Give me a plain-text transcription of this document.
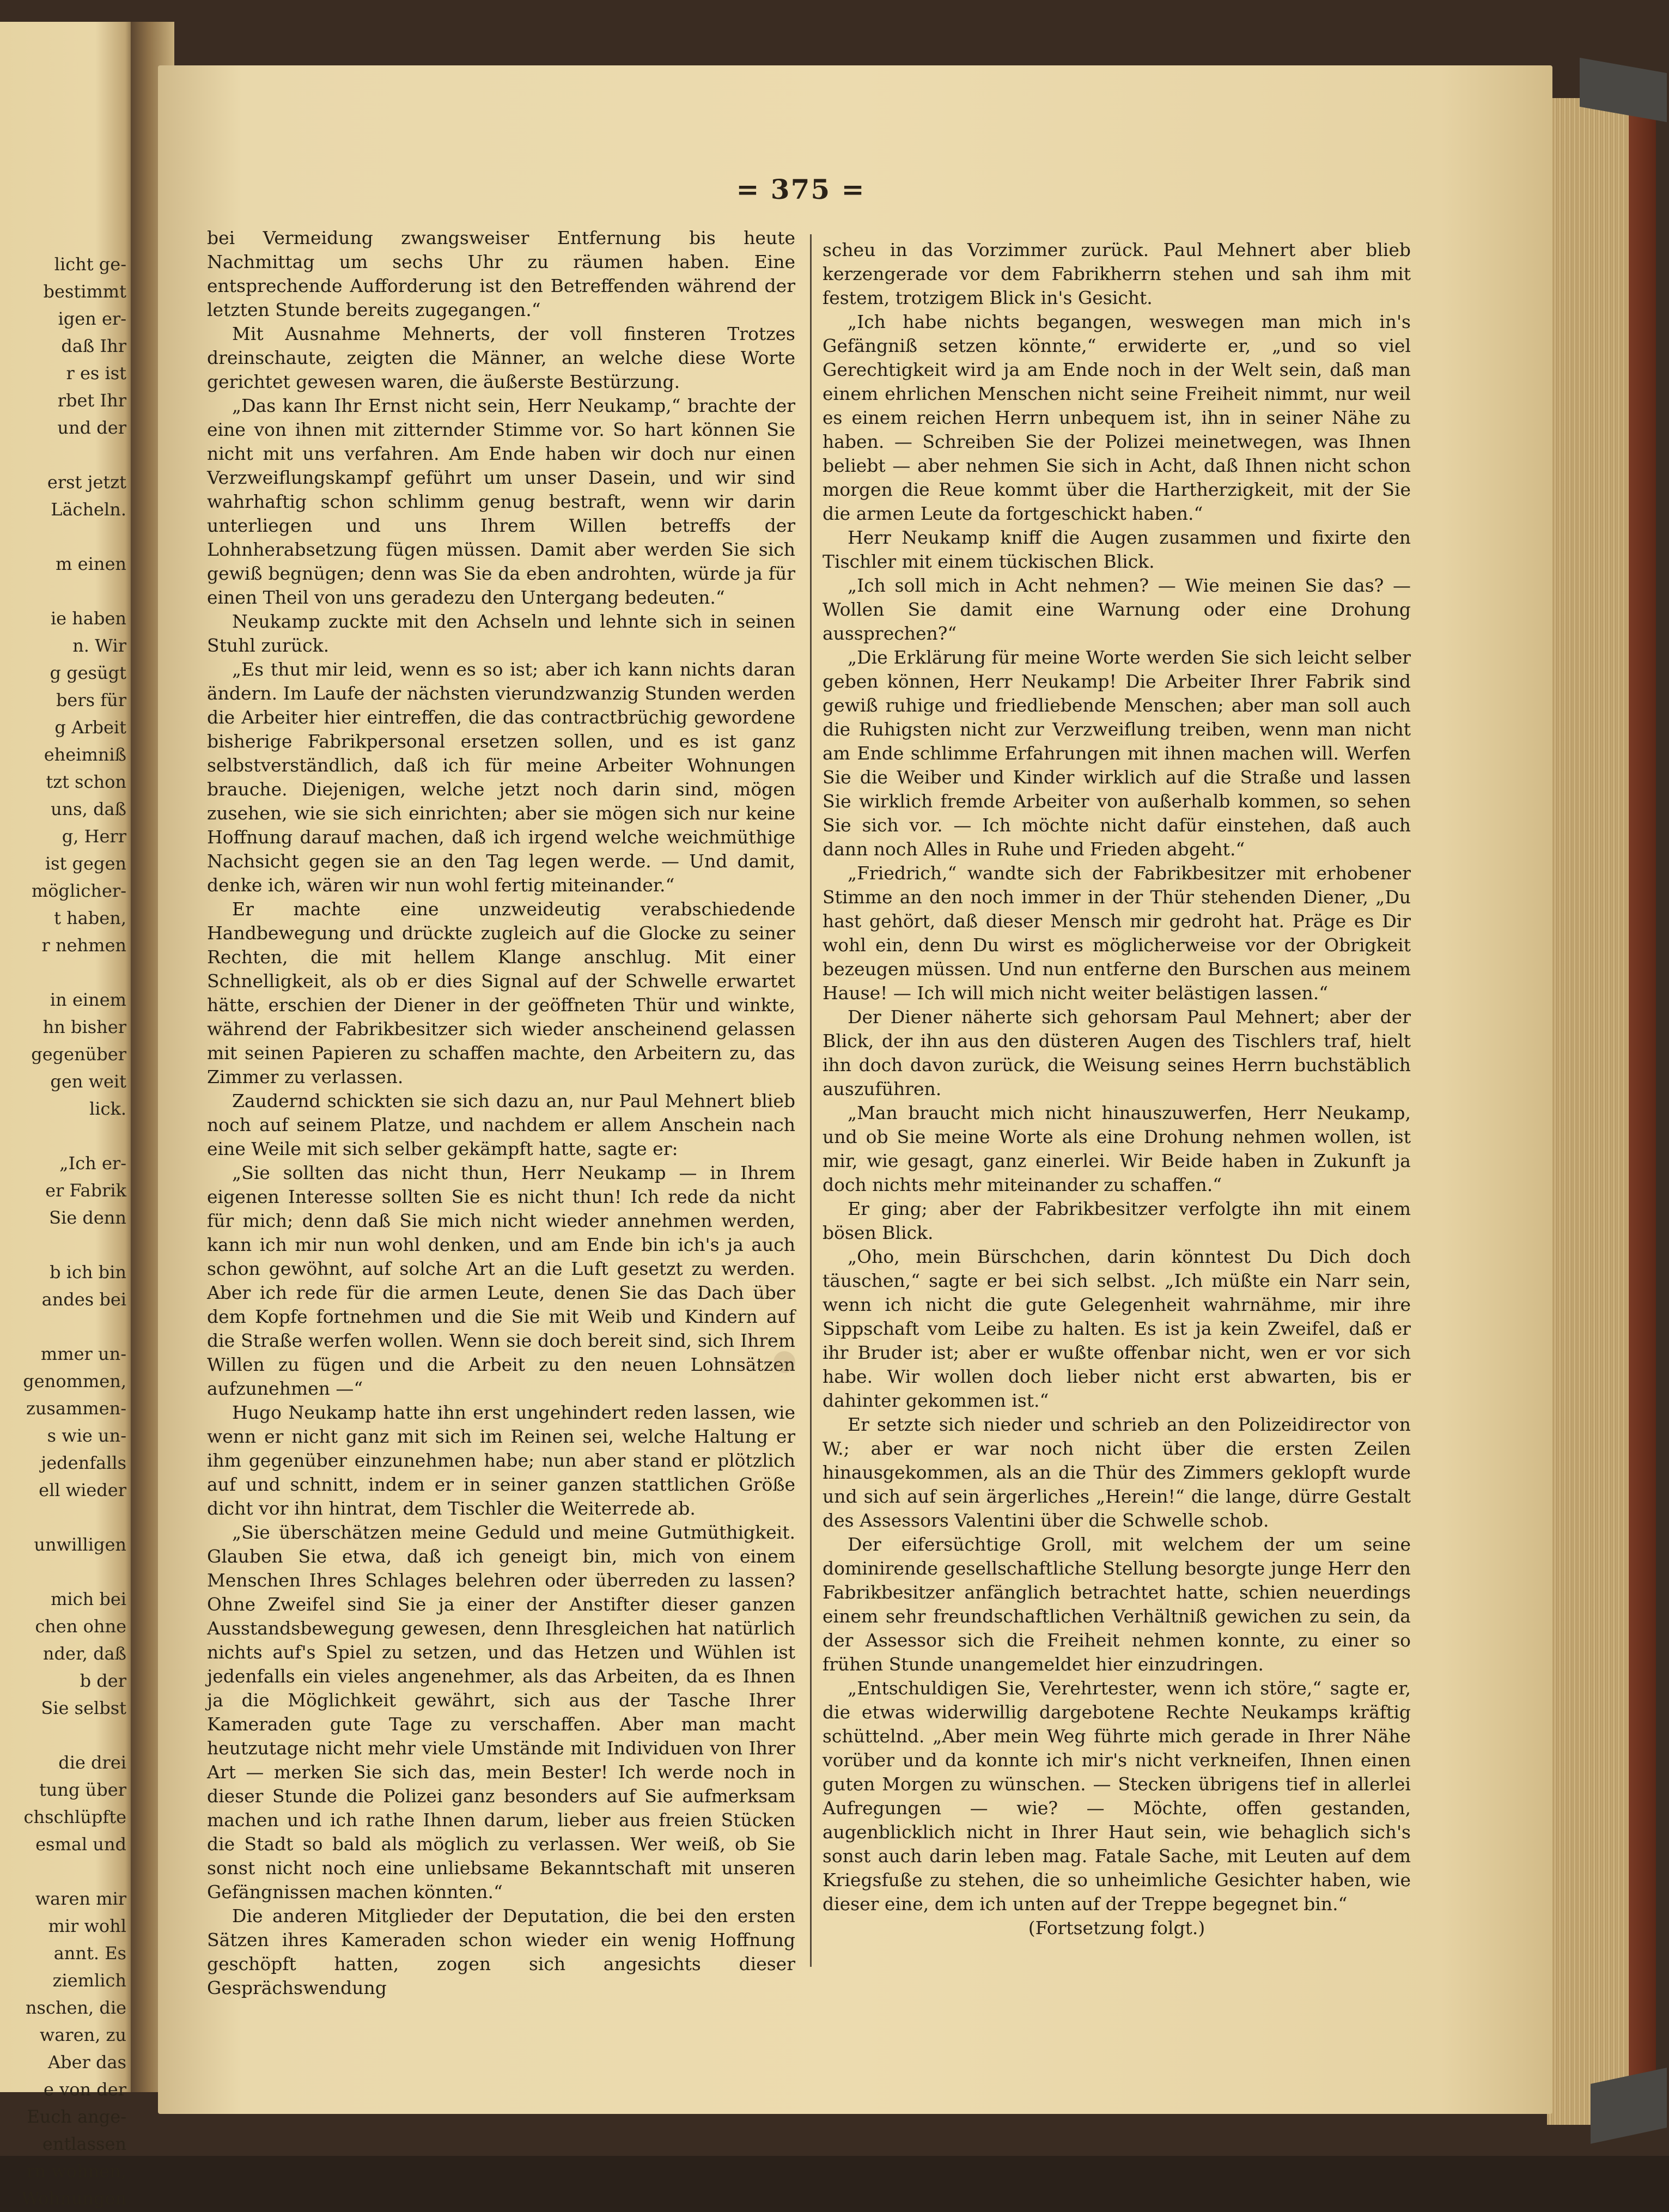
licht ge-
bestimmt
igen er-
daß Ihr
r es ist
rbet Ihr
und der

erst jetzt
Lächeln.

m einen

ie haben
n. Wir
g gesügt
bers für
g Arbeit
eheimniß
tzt schon
uns, daß
g, Herr
ist gegen
möglicher-
t haben,
r nehmen

in einem
hn bisher
gegenüber
gen weit
lick.

„Ich er-
er Fabrik
Sie denn

b ich bin
andes bei

mmer un-
genommen,
zusammen-
s wie un-
jedenfalls
ell wieder

unwilligen

mich bei
chen ohne
nder, daß
b der
Sie selbst

die drei
tung über
chschlüpfte
esmal und

waren mir
mir wohl
annt. Es
ziemlich
nschen, die
waren, zu
Aber das
e von der
Euch ange-
entlassen
rn wohnen,
Wohnungen
= 375 =

bei Vermeidung zwangsweiser Entfernung bis heute Nachmittag um sechs Uhr zu räumen haben. Eine entsprechende Aufforderung ist den Betreffenden während der letzten Stunde bereits zugegangen.“

Mit Ausnahme Mehnerts, der voll finsteren Trotzes dreinschaute, zeigten die Männer, an welche diese Worte gerichtet gewesen waren, die äußerste Bestürzung.

„Das kann Ihr Ernst nicht sein, Herr Neukamp,“ brachte der eine von ihnen mit zitternder Stimme vor. So hart können Sie nicht mit uns verfahren. Am Ende haben wir doch nur einen Verzweiflungskampf geführt um unser Dasein, und wir sind wahrhaftig schon schlimm genug bestraft, wenn wir darin unterliegen und uns Ihrem Willen betreffs der Lohnherabsetzung fügen müssen. Damit aber werden Sie sich gewiß begnügen; denn was Sie da eben androhten, würde ja für einen Theil von uns geradezu den Untergang bedeuten.“

Neukamp zuckte mit den Achseln und lehnte sich in seinen Stuhl zurück.

„Es thut mir leid, wenn es so ist; aber ich kann nichts daran ändern. Im Laufe der nächsten vierundzwanzig Stunden werden die Arbeiter hier eintreffen, die das contractbrüchig gewordene bisherige Fabrikpersonal ersetzen sollen, und es ist ganz selbstverständlich, daß ich für meine Arbeiter Wohnungen brauche. Diejenigen, welche jetzt noch darin sind, mögen zusehen, wie sie sich einrichten; aber sie mögen sich nur keine Hoffnung darauf machen, daß ich irgend welche weichmüthige Nachsicht gegen sie an den Tag legen werde. — Und damit, denke ich, wären wir nun wohl fertig miteinander.“

Er machte eine unzweideutig verabschiedende Handbewegung und drückte zugleich auf die Glocke zu seiner Rechten, die mit hellem Klange anschlug. Mit einer Schnelligkeit, als ob er dies Signal auf der Schwelle erwartet hätte, erschien der Diener in der geöffneten Thür und winkte, während der Fabrikbesitzer sich wieder anscheinend gelassen mit seinen Papieren zu schaffen machte, den Arbeitern zu, das Zimmer zu verlassen.

Zaudernd schickten sie sich dazu an, nur Paul Mehnert blieb noch auf seinem Platze, und nachdem er allem Anschein nach eine Weile mit sich selber gekämpft hatte, sagte er:

„Sie sollten das nicht thun, Herr Neukamp — in Ihrem eigenen Interesse sollten Sie es nicht thun! Ich rede da nicht für mich; denn daß Sie mich nicht wieder annehmen werden, kann ich mir nun wohl denken, und am Ende bin ich's ja auch schon gewöhnt, auf solche Art an die Luft gesetzt zu werden. Aber ich rede für die armen Leute, denen Sie das Dach über dem Kopfe fortnehmen und die Sie mit Weib und Kindern auf die Straße werfen wollen. Wenn sie doch bereit sind, sich Ihrem Willen zu fügen und die Arbeit zu den neuen Lohnsätzen aufzunehmen —“

Hugo Neukamp hatte ihn erst ungehindert reden lassen, wie wenn er nicht ganz mit sich im Reinen sei, welche Haltung er ihm gegenüber einzunehmen habe; nun aber stand er plötzlich auf und schnitt, indem er in seiner ganzen stattlichen Größe dicht vor ihn hintrat, dem Tischler die Weiterrede ab.

„Sie überschätzen meine Geduld und meine Gutmüthigkeit. Glauben Sie etwa, daß ich geneigt bin, mich von einem Menschen Ihres Schlages belehren oder überreden zu lassen? Ohne Zweifel sind Sie ja einer der Anstifter dieser ganzen Ausstandsbewegung gewesen, denn Ihresgleichen hat natürlich nichts auf's Spiel zu setzen, und das Hetzen und Wühlen ist jedenfalls ein vieles angenehmer, als das Arbeiten, da es Ihnen ja die Möglichkeit gewährt, sich aus der Tasche Ihrer Kameraden gute Tage zu verschaffen. Aber man macht heutzutage nicht mehr viele Umstände mit Individuen von Ihrer Art — merken Sie sich das, mein Bester! Ich werde noch in dieser Stunde die Polizei ganz besonders auf Sie aufmerksam machen und ich rathe Ihnen darum, lieber aus freien Stücken die Stadt so bald als möglich zu verlassen. Wer weiß, ob Sie sonst nicht noch eine unliebsame Bekanntschaft mit unseren Gefängnissen machen könnten.“

Die anderen Mitglieder der Deputation, die bei den ersten Sätzen ihres Kameraden schon wieder ein wenig Hoffnung geschöpft hatten, zogen sich angesichts dieser Gesprächswendung

scheu in das Vorzimmer zurück. Paul Mehnert aber blieb kerzengerade vor dem Fabrikherrn stehen und sah ihm mit festem, trotzigem Blick in's Gesicht.

„Ich habe nichts begangen, weswegen man mich in's Gefängniß setzen könnte,“ erwiderte er, „und so viel Gerechtigkeit wird ja am Ende noch in der Welt sein, daß man einem ehrlichen Menschen nicht seine Freiheit nimmt, nur weil es einem reichen Herrn unbequem ist, ihn in seiner Nähe zu haben. — Schreiben Sie der Polizei meinetwegen, was Ihnen beliebt — aber nehmen Sie sich in Acht, daß Ihnen nicht schon morgen die Reue kommt über die Hartherzigkeit, mit der Sie die armen Leute da fortgeschickt haben.“

Herr Neukamp kniff die Augen zusammen und fixirte den Tischler mit einem tückischen Blick.

„Ich soll mich in Acht nehmen? — Wie meinen Sie das? — Wollen Sie damit eine Warnung oder eine Drohung aussprechen?“

„Die Erklärung für meine Worte werden Sie sich leicht selber geben können, Herr Neukamp! Die Arbeiter Ihrer Fabrik sind gewiß ruhige und friedliebende Menschen; aber man soll auch die Ruhigsten nicht zur Verzweiflung treiben, wenn man nicht am Ende schlimme Erfahrungen mit ihnen machen will. Werfen Sie die Weiber und Kinder wirklich auf die Straße und lassen Sie wirklich fremde Arbeiter von außerhalb kommen, so sehen Sie sich vor. — Ich möchte nicht dafür einstehen, daß auch dann noch Alles in Ruhe und Frieden abgeht.“

„Friedrich,“ wandte sich der Fabrikbesitzer mit erhobener Stimme an den noch immer in der Thür stehenden Diener, „Du hast gehört, daß dieser Mensch mir gedroht hat. Präge es Dir wohl ein, denn Du wirst es möglicherweise vor der Obrigkeit bezeugen müssen. Und nun entferne den Burschen aus meinem Hause! — Ich will mich nicht weiter belästigen lassen.“

Der Diener näherte sich gehorsam Paul Mehnert; aber der Blick, der ihn aus den düsteren Augen des Tischlers traf, hielt ihn doch davon zurück, die Weisung seines Herrn buchstäblich auszuführen.

„Man braucht mich nicht hinauszuwerfen, Herr Neukamp, und ob Sie meine Worte als eine Drohung nehmen wollen, ist mir, wie gesagt, ganz einerlei. Wir Beide haben in Zukunft ja doch nichts mehr miteinander zu schaffen.“

Er ging; aber der Fabrikbesitzer verfolgte ihn mit einem bösen Blick.

„Oho, mein Bürschchen, darin könntest Du Dich doch täuschen,“ sagte er bei sich selbst. „Ich müßte ein Narr sein, wenn ich nicht die gute Gelegenheit wahrnähme, mir ihre Sippschaft vom Leibe zu halten. Es ist ja kein Zweifel, daß er ihr Bruder ist; aber er wußte offenbar nicht, wen er vor sich habe. Wir wollen doch lieber nicht erst abwarten, bis er dahinter gekommen ist.“

Er setzte sich nieder und schrieb an den Polizeidirector von W.; aber er war noch nicht über die ersten Zeilen hinausgekommen, als an die Thür des Zimmers geklopft wurde und sich auf sein ärgerliches „Herein!“ die lange, dürre Gestalt des Assessors Valentini über die Schwelle schob.

Der eifersüchtige Groll, mit welchem der um seine dominirende gesellschaftliche Stellung besorgte junge Herr den Fabrikbesitzer anfänglich betrachtet hatte, schien neuerdings einem sehr freundschaftlichen Verhältniß gewichen zu sein, da der Assessor sich die Freiheit nehmen konnte, zu einer so frühen Stunde unangemeldet hier einzudringen.

„Entschuldigen Sie, Verehrtester, wenn ich störe,“ sagte er, die etwas widerwillig dargebotene Rechte Neukamps kräftig schüttelnd. „Aber mein Weg führte mich gerade in Ihrer Nähe vorüber und da konnte ich mir's nicht verkneifen, Ihnen einen guten Morgen zu wünschen. — Stecken übrigens tief in allerlei Aufregungen — wie? — Möchte, offen gestanden, augenblicklich nicht in Ihrer Haut sein, wie behaglich sich's sonst auch darin leben mag. Fatale Sache, mit Leuten auf dem Kriegsfuße zu stehen, die so unheimliche Gesichter haben, wie dieser eine, dem ich unten auf der Treppe begegnet bin.“

(Fortsetzung folgt.)
